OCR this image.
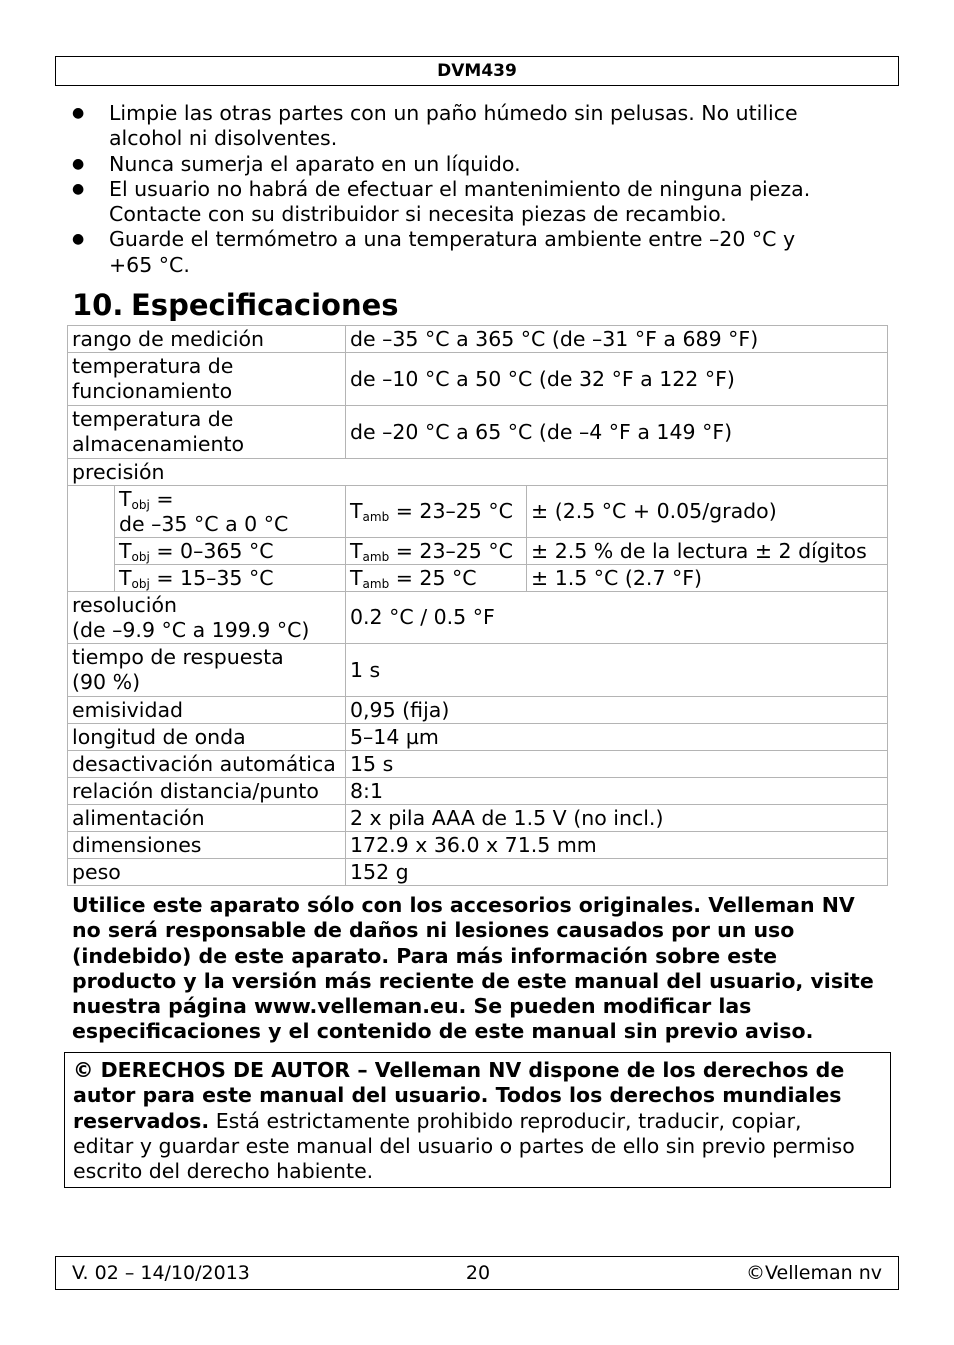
DVM439
● Limpie las otras partes con un paño húmedo sin pelusas. No utilice
alcohol ni disolventes.
● Nunca sumerja el aparato en un líquido.
● El usuario no habrá de efectuar el mantenimiento de ninguna pieza.
Contacte con su distribuidor si necesita piezas de recambio.
● Guarde el termómetro a una temperatura ambiente entre –20 °C y
+65 °C.
10. Especificaciones
rango de medición		de –35 °C a 365 °C (de –31 °F a 689 °F)	
temperatura de
funcionamiento		de –10 °C a 50 °C (de 32 °F a 122 °F)	
temperatura de
almacenamiento		de –20 °C a 65 °C (de –4 °F a 149 °F)	
precisión			
	$T_{obj}$ =
de –35 °C a 0 °C	$T_{amb} = 23-25$ °C	± (2.5 °C + 0.05/grado)
	$T_{obj} = 0-365$ °C	$T_{amb} = 23-25$ °C	± 2.5 % de la lectura ± 2 dígitos
	$T_{obj} = 15-35$ °C	$T_{amb} = 25$ °C	± 1.5 °C (2.7 °F)
resolución
(de –9.9 °C a 199.9 °C)		0.2 °C / 0.5 °F	
tiempo de respuesta
(90 %)		1 s	
emisividad		0,95 (fija)	
longitud de onda		5–14 µm	
desactivación automática		15 s	
relación distancia/punto		8:1	
alimentación		2 x pila AAA de 1.5 V (no incl.)	
dimensiones		172.9 x 36.0 x 71.5 mm	
peso		152 g	

Utilice este aparato sólo con los accesorios originales. Velleman NV
no será responsable de daños ni lesiones causados por un uso
(indebido) de este aparato. Para más información sobre este
producto y la versión más reciente de este manual del usuario, visite
nuestra página www.velleman.eu. Se pueden modificar las
especificaciones y el contenido de este manual sin previo aviso.

© DERECHOS DE AUTOR – Velleman NV dispone de los derechos de
autor para este manual del usuario. Todos los derechos mundiales
reservados. Está estrictamente prohibido reproducir, traducir, copiar,
editar y guardar este manual del usuario o partes de ello sin previo permiso
escrito del derecho habiente.
V. 02 – 14/10/2013	20	©Velleman nv
